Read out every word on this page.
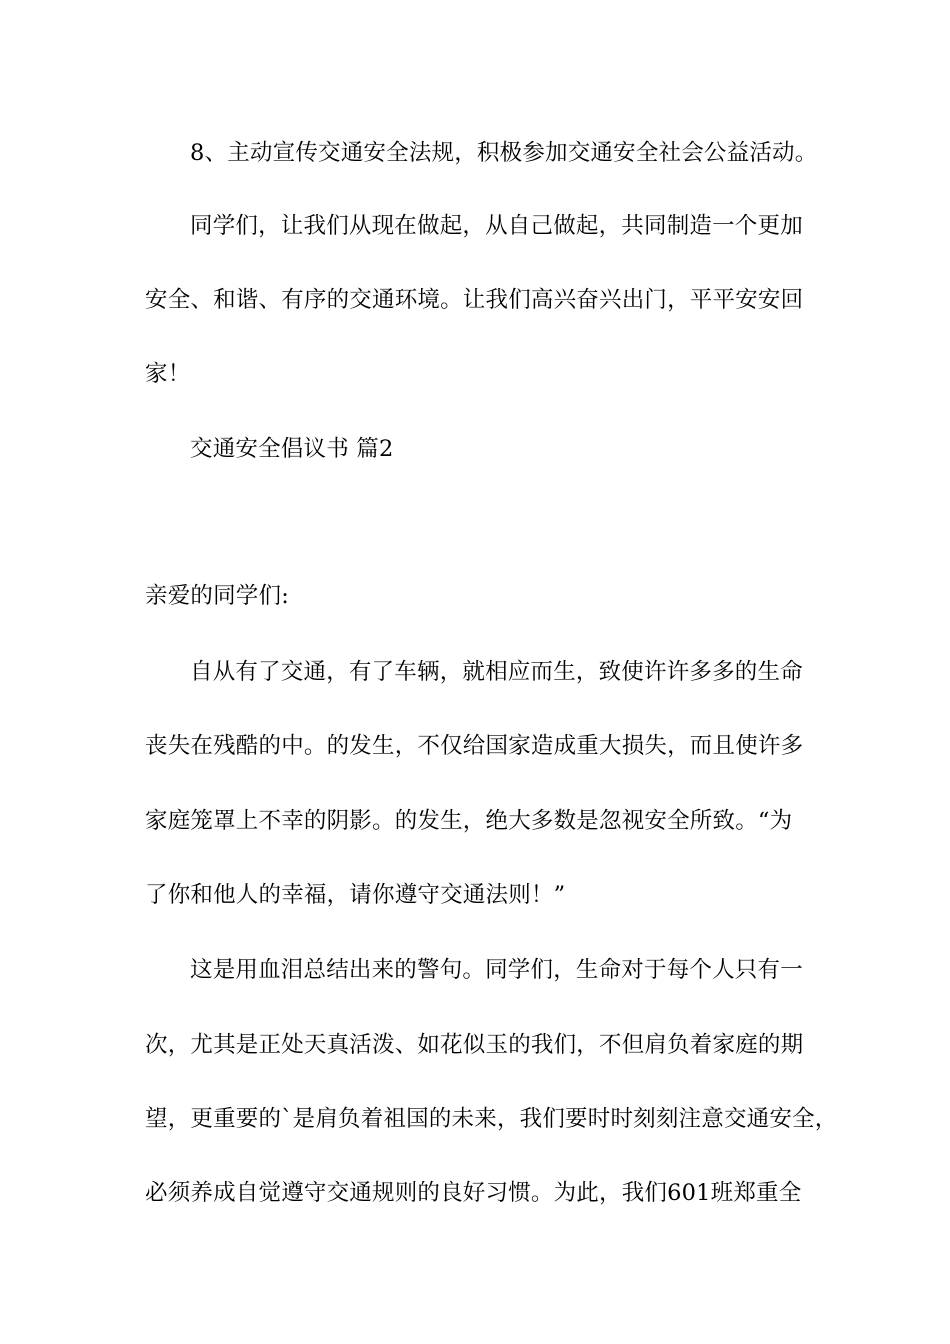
8、主动宣传交通安全法规，积极参加交通安全社会公益活动。
同学们，让我们从现在做起，从自己做起，共同制造一个更加
安全、和谐、有序的交通环境。让我们高兴奋兴出门，平平安安回
家！
交通安全倡议书 篇2
亲爱的同学们:
自从有了交通，有了车辆，就相应而生，致使许许多多的生命
丧失在残酷的中。的发生，不仅给国家造成重大损失，而且使许多
家庭笼罩上不幸的阴影。的发生，绝大多数是忽视安全所致。“为
了你和他人的幸福，请你遵守交通法则！”
这是用血泪总结出来的警句。同学们，生命对于每个人只有一
次，尤其是正处天真活泼、如花似玉的我们，不但肩负着家庭的期
望，更重要的`是肩负着祖国的未来，我们要时时刻刻注意交通安全，
必须养成自觉遵守交通规则的良好习惯。为此，我们601班郑重全
